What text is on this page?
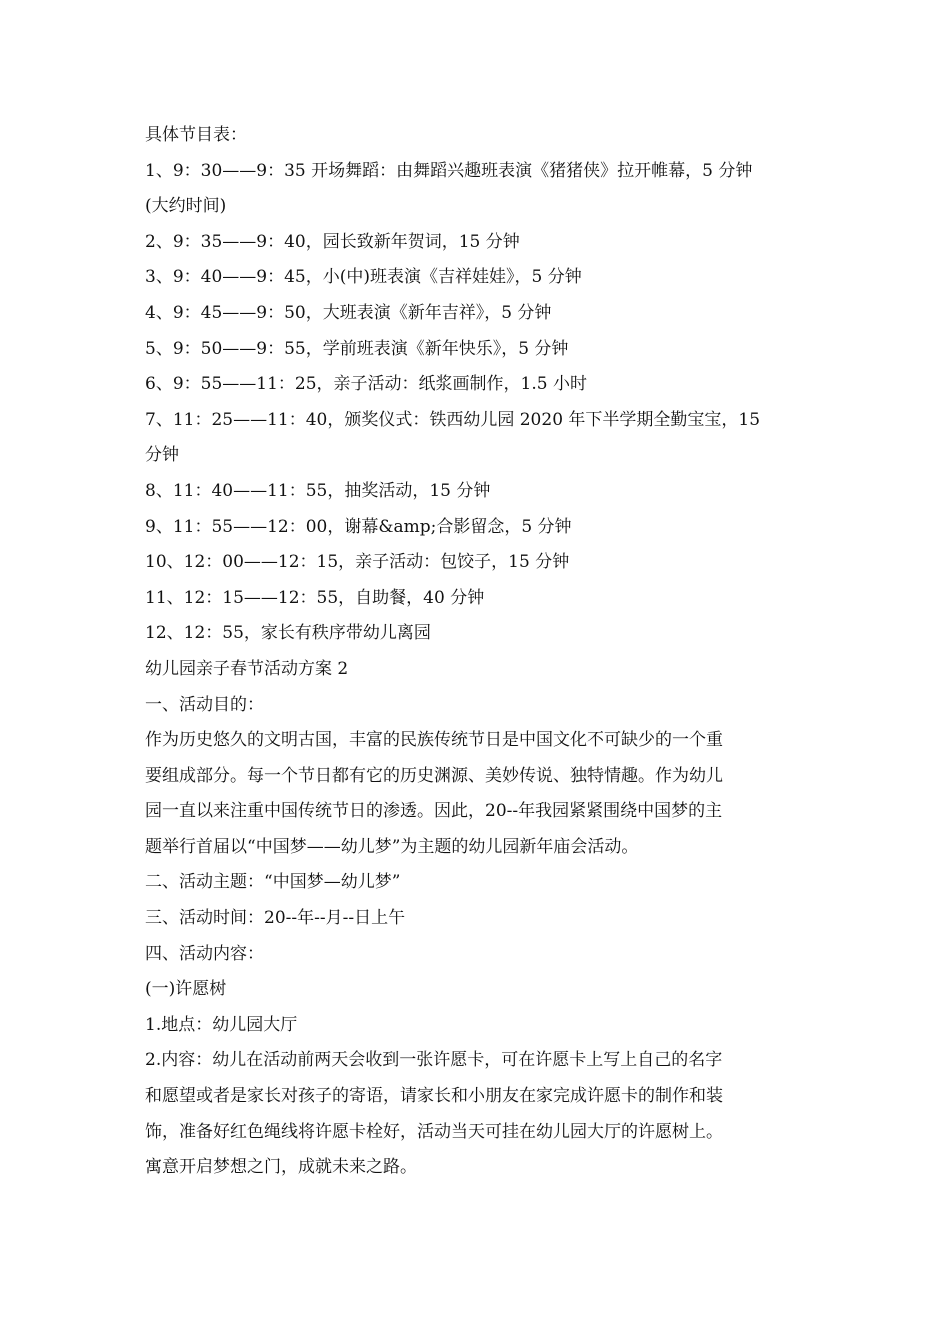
具体节目表：

1、9：30——9：35 开场舞蹈：由舞蹈兴趣班表演《猪猪侠》拉开帷幕，5 分钟

(大约时间)

2、9：35——9：40，园长致新年贺词，15 分钟

3、9：40——9：45，小(中)班表演《吉祥娃娃》，5 分钟

4、9：45——9：50，大班表演《新年吉祥》，5 分钟

5、9：50——9：55，学前班表演《新年快乐》，5 分钟

6、9：55——11：25，亲子活动：纸浆画制作，1.5 小时

7、11：25——11：40，颁奖仪式：铁西幼儿园 2020 年下半学期全勤宝宝，15

分钟

8、11：40——11：55，抽奖活动，15 分钟

9、11：55——12：00，谢幕&amp;合影留念，5 分钟

10、12：00——12：15，亲子活动：包饺子，15 分钟

11、12：15——12：55，自助餐，40 分钟

12、12：55，家长有秩序带幼儿离园

幼儿园亲子春节活动方案 2

一、活动目的：

作为历史悠久的文明古国，丰富的民族传统节日是中国文化不可缺少的一个重

要组成部分。每一个节日都有它的历史渊源、美妙传说、独特情趣。作为幼儿

园一直以来注重中国传统节日的渗透。因此，20--年我园紧紧围绕中国梦的主

题举行首届以“中国梦——幼儿梦”为主题的幼儿园新年庙会活动。

二、活动主题：“中国梦—幼儿梦”

三、活动时间：20--年--月--日上午

四、活动内容：

(一)许愿树

1.地点：幼儿园大厅

2.内容：幼儿在活动前两天会收到一张许愿卡，可在许愿卡上写上自己的名字

和愿望或者是家长对孩子的寄语，请家长和小朋友在家完成许愿卡的制作和装

饰，准备好红色绳线将许愿卡栓好，活动当天可挂在幼儿园大厅的许愿树上。

寓意开启梦想之门，成就未来之路。
